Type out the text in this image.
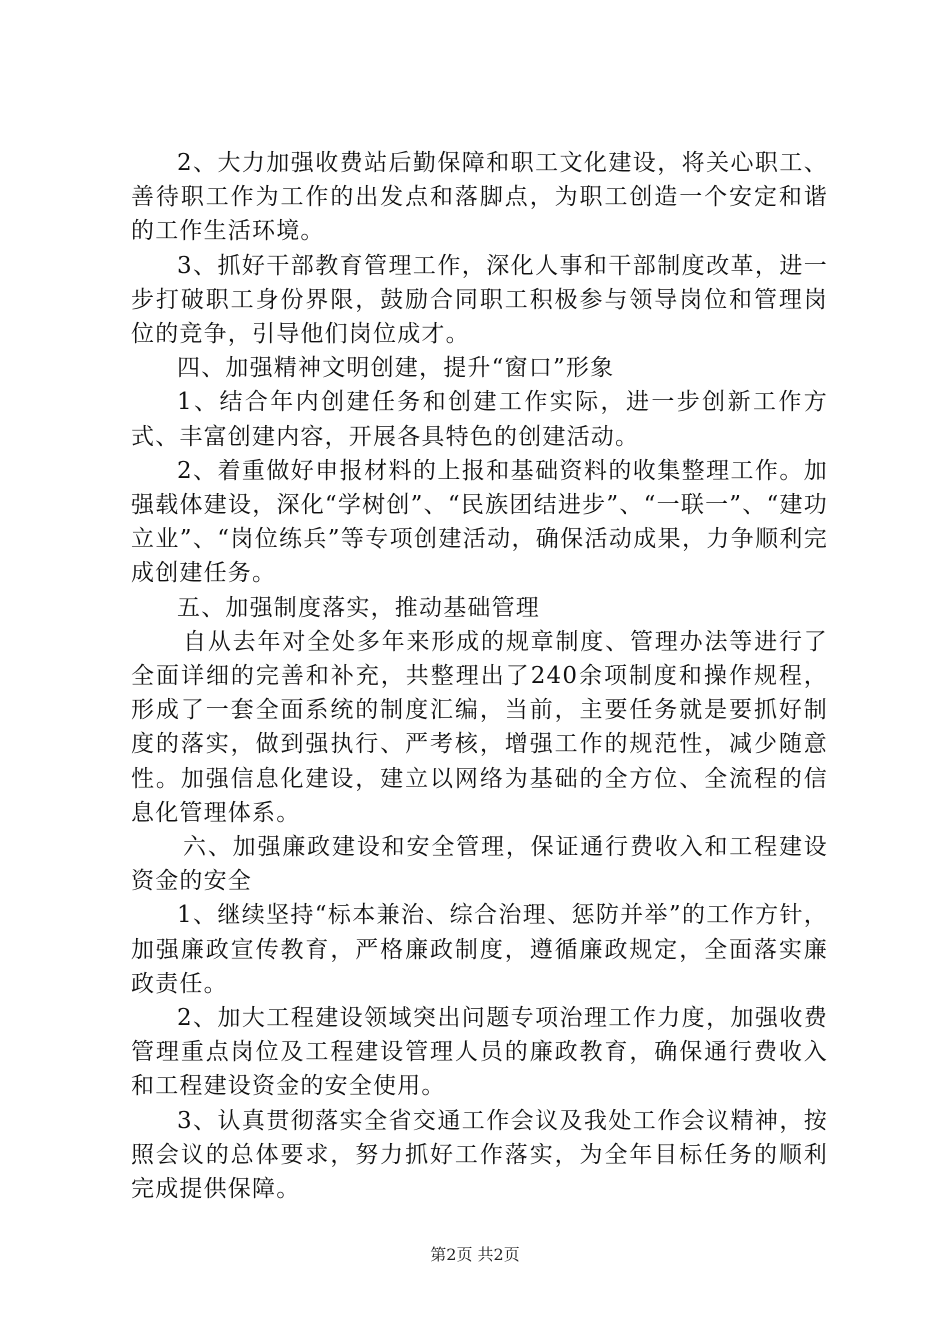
2、大力加强收费站后勤保障和职工文化建设，将关心职工、善待职工作为工作的出发点和落脚点，为职工创造一个安定和谐的工作生活环境。

3、抓好干部教育管理工作，深化人事和干部制度改革，进一步打破职工身份界限，鼓励合同职工积极参与领导岗位和管理岗位的竞争，引导他们岗位成才。

四、加强精神文明创建，提升“窗口”形象

1、结合年内创建任务和创建工作实际，进一步创新工作方式、丰富创建内容，开展各具特色的创建活动。

2、着重做好申报材料的上报和基础资料的收集整理工作。加强载体建设，深化“学树创”、“民族团结进步”、“一联一”、“建功立业”、“岗位练兵”等专项创建活动，确保活动成果，力争顺利完成创建任务。

五、加强制度落实，推动基础管理

自从去年对全处多年来形成的规章制度、管理办法等进行了全面详细的完善和补充，共整理出了240余项制度和操作规程，形成了一套全面系统的制度汇编，当前，主要任务就是要抓好制度的落实，做到强执行、严考核，增强工作的规范性，减少随意性。加强信息化建设，建立以网络为基础的全方位、全流程的信息化管理体系。

六、加强廉政建设和安全管理，保证通行费收入和工程建设资金的安全

1、继续坚持“标本兼治、综合治理、惩防并举”的工作方针，加强廉政宣传教育，严格廉政制度，遵循廉政规定，全面落实廉政责任。

2、加大工程建设领域突出问题专项治理工作力度，加强收费管理重点岗位及工程建设管理人员的廉政教育，确保通行费收入和工程建设资金的安全使用。

3、认真贯彻落实全省交通工作会议及我处工作会议精神，按照会议的总体要求，努力抓好工作落实，为全年目标任务的顺利完成提供保障。

第2页 共2页
